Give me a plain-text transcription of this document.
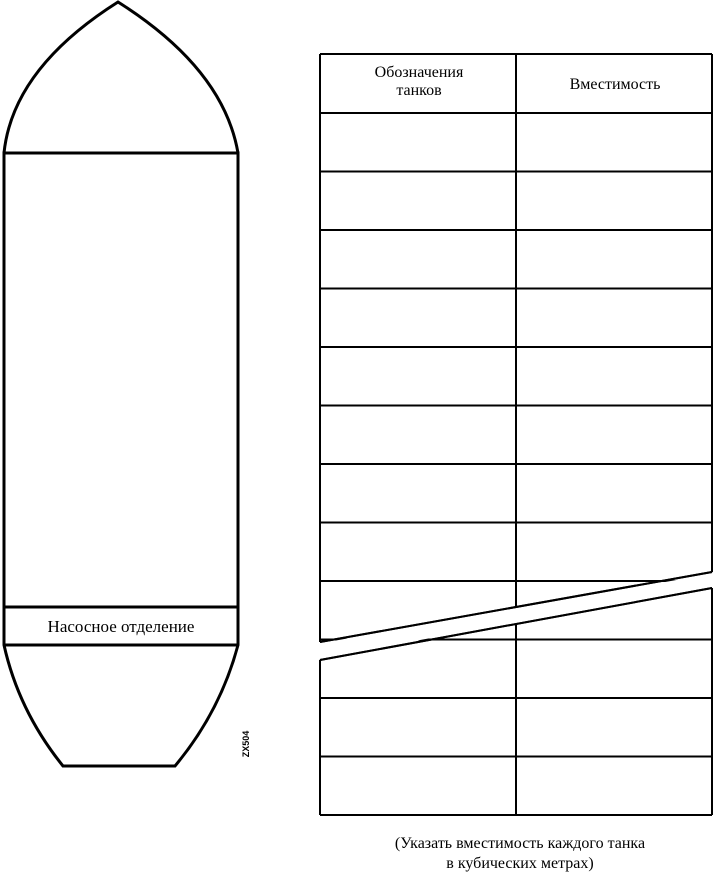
Обозначения
танков	Вместимость
Насосное отделение
(Указать вместимость каждого танка
в кубических метрах)
ZX504
